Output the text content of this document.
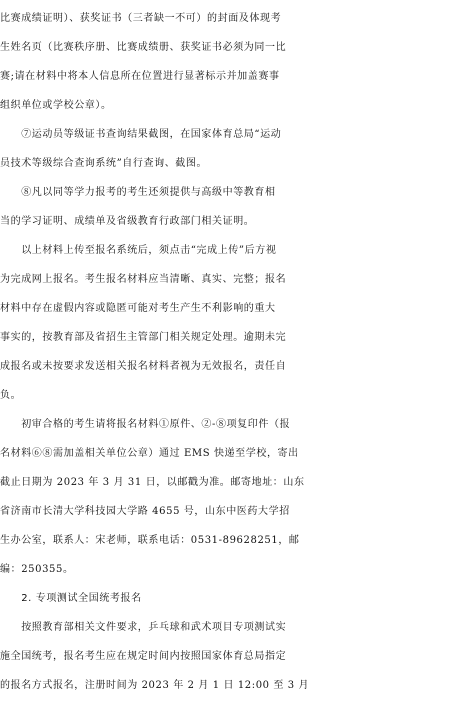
比赛成绩证明）、获奖证书（三者缺一不可）的封面及体现考
生姓名页（比赛秩序册、比赛成绩册、获奖证书必须为同一比
赛;请在材料中将本人信息所在位置进行显著标示并加盖赛事
组织单位或学校公章）。
　　⑦运动员等级证书查询结果截图，在国家体育总局“运动
员技术等级综合查询系统”自行查询、截图。
　　⑧凡以同等学力报考的考生还须提供与高级中等教育相
当的学习证明、成绩单及省级教育行政部门相关证明。
　　以上材料上传至报名系统后，须点击“完成上传”后方视
为完成网上报名。考生报名材料应当清晰、真实、完整；报名
材料中存在虚假内容或隐匿可能对考生产生不利影响的重大
事实的，按教育部及省招生主管部门相关规定处理。逾期未完
成报名或未按要求发送相关报名材料者视为无效报名，责任自
负。
　　初审合格的考生请将报名材料①原件、②-⑧项复印件（报
名材料⑥⑧需加盖相关单位公章）通过 EMS 快递至学校，寄出
截止日期为 2023 年 3 月 31 日，以邮戳为准。邮寄地址：山东
省济南市长清大学科技园大学路 4655 号，山东中医药大学招
生办公室，联系人：宋老师，联系电话：0531-89628251，邮
编：250355。
　　2. 专项测试全国统考报名
　　按照教育部相关文件要求，乒乓球和武术项目专项测试实
施全国统考，报名考生应在规定时间内按照国家体育总局指定
的报名方式报名，注册时间为 2023 年 2 月 1 日 12:00 至 3 月
